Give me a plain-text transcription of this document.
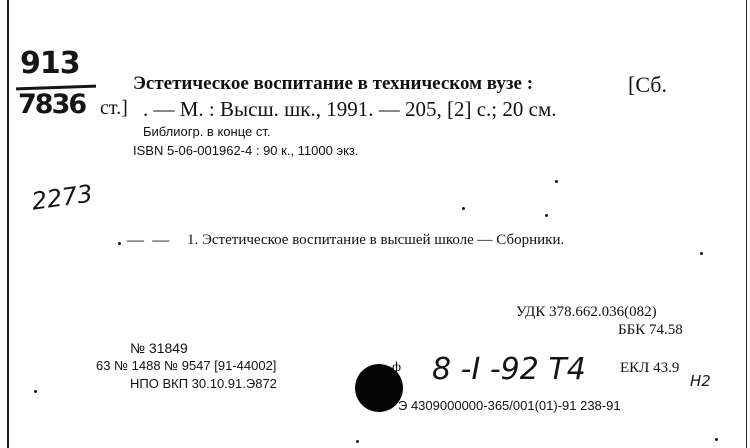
913
7836
Эстетическое воспитание в техническом вузе :	[Сб.
ст.] . — М. : Высш. шк., 1991. — 205, [2] с.; 20 см.
Библиогр. в конце ст.
ISBN 5-06-001962-4 : 90 к., 11000 экз.
2273
— — 1. Эстетическое воспитание в высшей школе — Сборники.
УДК 378.662.036(082)
ББК 74.58
№ 31849
63 № 1488 № 9547 [91-44002]
НПО ВКП 30.10.91.Э872
ф 8 -I -92 Т4 ЕКЛ 43.9
Н2
Э 4309000000-365/001(01)-91 238-91
